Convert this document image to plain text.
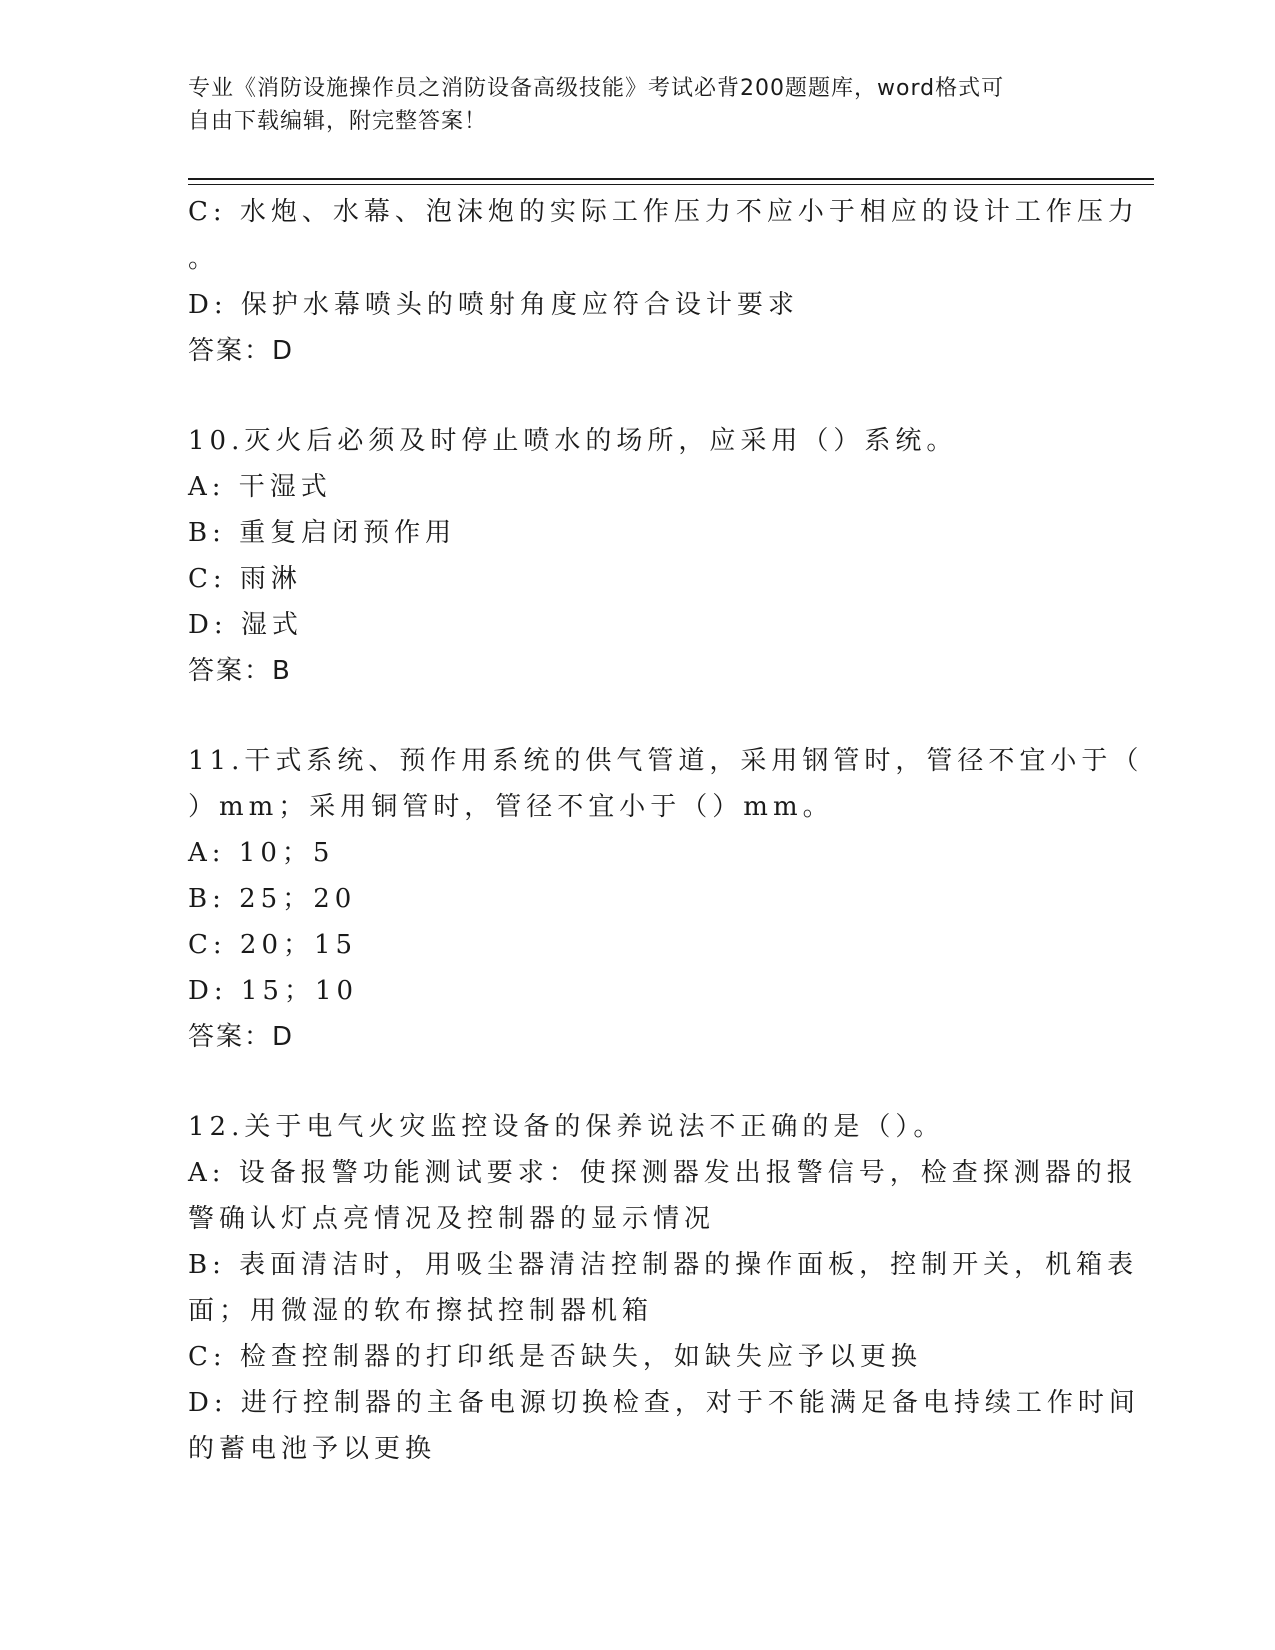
专业《消防设施操作员之消防设备高级技能》考试必背200题题库，word格式可
自由下载编辑，附完整答案！
C: 水炮、水幕、泡沫炮的实际工作压力不应小于相应的设计工作压力
。
D: 保护水幕喷头的喷射角度应符合设计要求
答案：D
10.灭火后必须及时停止喷水的场所，应采用（）系统。
A: 干湿式
B: 重复启闭预作用
C: 雨淋
D: 湿式
答案：B
11.干式系统、预作用系统的供气管道，采用钢管时，管径不宜小于（
）mm；采用铜管时，管径不宜小于（）mm。
A: 10；5
B: 25；20
C: 20；15
D: 15；10
答案：D
12.关于电气火灾监控设备的保养说法不正确的是（）。
A: 设备报警功能测试要求：使探测器发出报警信号，检查探测器的报
警确认灯点亮情况及控制器的显示情况
B: 表面清洁时，用吸尘器清洁控制器的操作面板，控制开关，机箱表
面；用微湿的软布擦拭控制器机箱
C: 检查控制器的打印纸是否缺失，如缺失应予以更换
D: 进行控制器的主备电源切换检查，对于不能满足备电持续工作时间
的蓄电池予以更换
